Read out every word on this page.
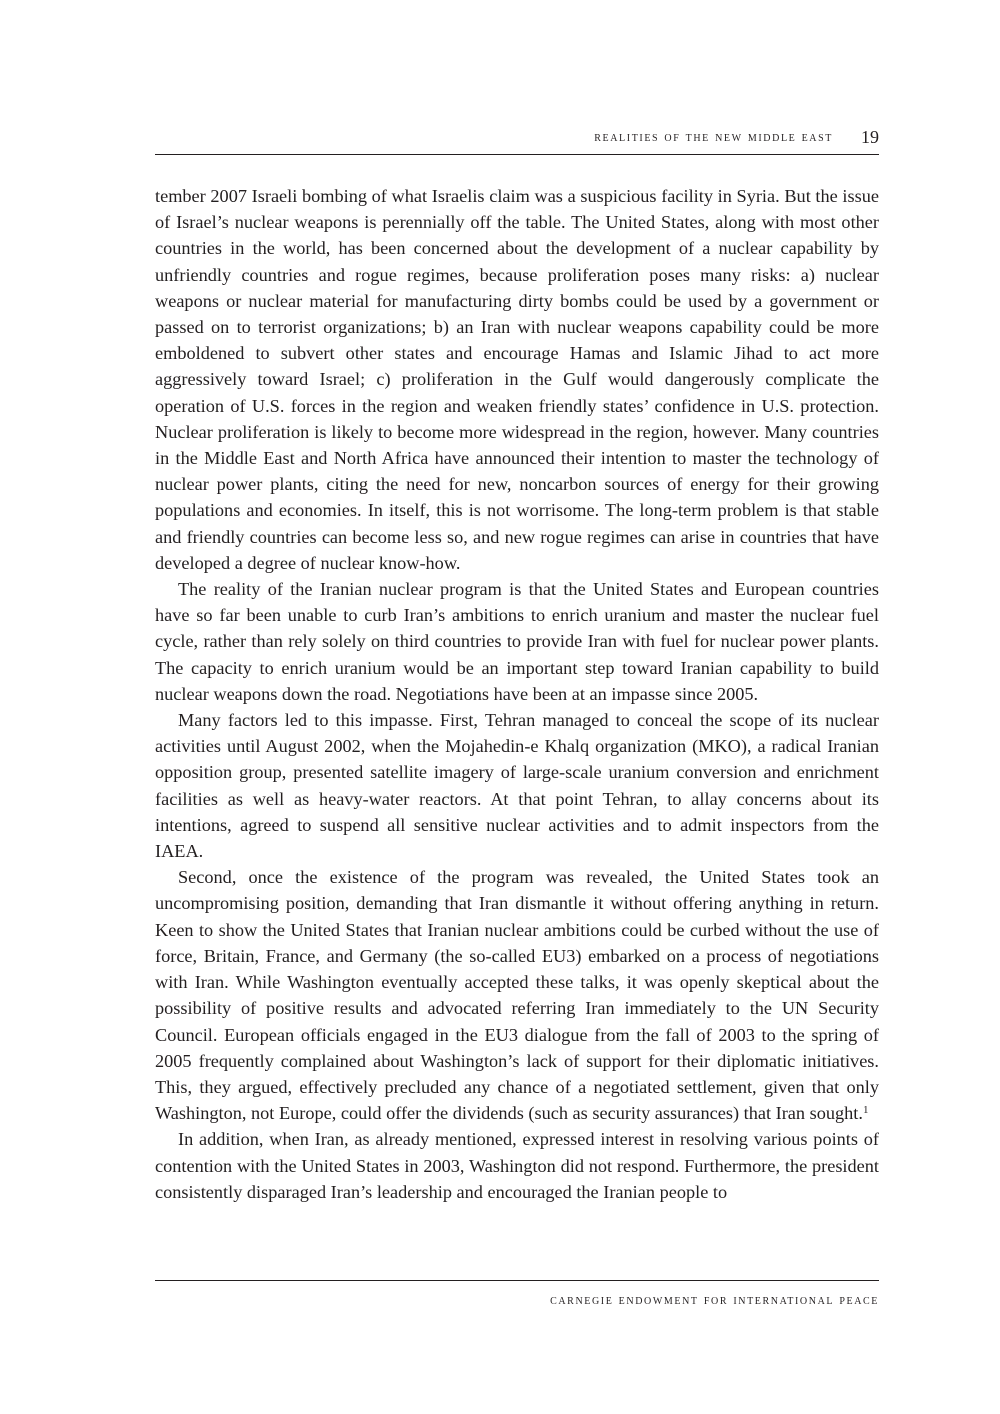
realities of the new middle east 19

tember 2007 Israeli bombing of what Israelis claim was a suspicious facility in Syria. But the issue of Israel’s nuclear weapons is perennially off the table. The United States, along with most other countries in the world, has been concerned about the development of a nuclear capability by unfriendly countries and rogue regimes, because proliferation poses many risks: a) nuclear weapons or nuclear material for manufacturing dirty bombs could be used by a government or passed on to terrorist organizations; b) an Iran with nuclear weapons capability could be more emboldened to subvert other states and encourage Hamas and Islamic Jihad to act more aggressively toward Israel; c) proliferation in the Gulf would dangerously complicate the operation of U.S. forces in the region and weaken friendly states’ confidence in U.S. protection. Nuclear proliferation is likely to become more widespread in the region, however. Many countries in the Middle East and North Africa have announced their intention to master the technology of nuclear power plants, citing the need for new, noncarbon sources of energy for their growing populations and economies. In itself, this is not worrisome. The long-term problem is that stable and friendly countries can become less so, and new rogue regimes can arise in countries that have developed a degree of nuclear know-how.

The reality of the Iranian nuclear program is that the United States and European countries have so far been unable to curb Iran’s ambitions to enrich uranium and master the nuclear fuel cycle, rather than rely solely on third countries to provide Iran with fuel for nuclear power plants. The capacity to enrich uranium would be an important step toward Iranian capability to build nuclear weapons down the road. Negotiations have been at an impasse since 2005.

Many factors led to this impasse. First, Tehran managed to conceal the scope of its nuclear activities until August 2002, when the Mojahedin-e Khalq organization (MKO), a radical Iranian opposition group, presented satellite imagery of large-scale uranium conversion and enrichment facilities as well as heavy-water reactors. At that point Tehran, to allay concerns about its intentions, agreed to suspend all sensitive nuclear activities and to admit inspectors from the IAEA.

Second, once the existence of the program was revealed, the United States took an uncompromising position, demanding that Iran dismantle it without offering anything in return. Keen to show the United States that Iranian nuclear ambitions could be curbed without the use of force, Britain, France, and Germany (the so-called EU3) embarked on a process of negotiations with Iran. While Washington eventually accepted these talks, it was openly skeptical about the possibility of positive results and advocated referring Iran immediately to the UN Security Council. European officials engaged in the EU3 dialogue from the fall of 2003 to the spring of 2005 frequently complained about Washington’s lack of support for their diplomatic initiatives. This, they argued, effectively precluded any chance of a negotiated settlement, given that only Washington, not Europe, could offer the dividends (such as security assurances) that Iran sought.$^1$

In addition, when Iran, as already mentioned, expressed interest in resolving various points of contention with the United States in 2003, Washington did not respond. Furthermore, the president consistently disparaged Iran’s leadership and encouraged the Iranian people to

carnegie endowment for international peace
